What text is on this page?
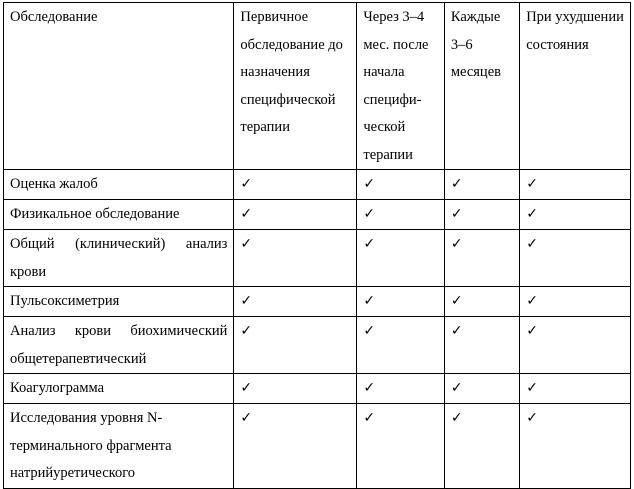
Обследование	Первичное обследование до назначения специфической терапии	Через 3–4 мес. после начала специфи-ческой терапии	Каждые 3–6 месяцев	При ухудшении состояния
Оценка жалоб	✓	✓	✓	✓
Физикальное обследование	✓	✓	✓	✓
Общий (клинический) анализ крови	✓	✓	✓	✓
Пульсоксиметрия	✓	✓	✓	✓
Анализ крови биохимический общетерапевтический	✓	✓	✓	✓
Коагулограмма	✓	✓	✓	✓
Исследования уровня N-терминального фрагмента натрийуретического	✓	✓	✓	✓
